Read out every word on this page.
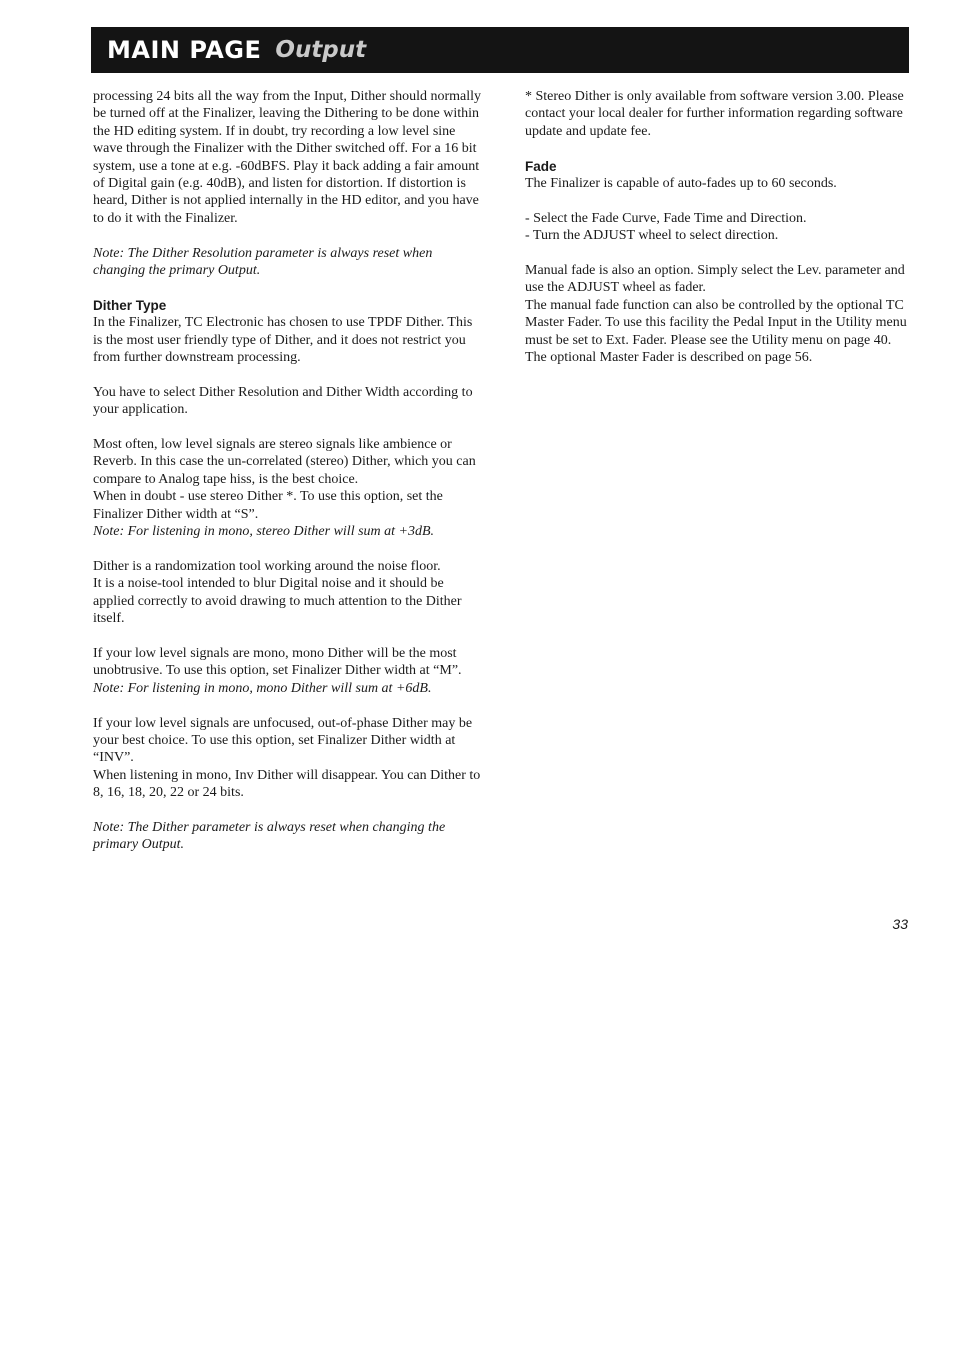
MAIN PAGE Output

processing 24 bits all the way from the Input, Dither should normally be turned off at the Finalizer, leaving the Dithering to be done within the HD editing system. If in doubt, try recording a low level sine wave through the Finalizer with the Dither switched off. For a 16 bit system, use a tone at e.g. -60dBFS. Play it back adding a fair amount of Digital gain (e.g. 40dB), and listen for distortion. If distortion is heard, Dither is not applied internally in the HD editor, and you have to do it with the Finalizer.

Note: The Dither Resolution parameter is always reset when changing the primary Output.

Dither Type

In the Finalizer, TC Electronic has chosen to use TPDF Dither. This is the most user friendly type of Dither, and it does not restrict you from further downstream processing.

You have to select Dither Resolution and Dither Width according to your application.

Most often, low level signals are stereo signals like ambience or Reverb. In this case the un-correlated (stereo) Dither, which you can compare to Analog tape hiss, is the best choice.

When in doubt - use stereo Dither *. To use this option, set the Finalizer Dither width at “S”.

Note: For listening in mono, stereo Dither will sum at +3dB.

Dither is a randomization tool working around the noise floor.

It is a noise-tool intended to blur Digital noise and it should be applied correctly to avoid drawing to much attention to the Dither itself.

If your low level signals are mono, mono Dither will be the most unobtrusive. To use this option, set Finalizer Dither width at “M”.

Note: For listening in mono, mono Dither will sum at +6dB.

If your low level signals are unfocused, out-of-phase Dither may be your best choice. To use this option, set Finalizer Dither width at “INV”.

When listening in mono, Inv Dither will disappear. You can Dither to 8, 16, 18, 20, 22 or 24 bits.

Note: The Dither parameter is always reset when changing the primary Output.

* Stereo Dither is only available from software version 3.00. Please contact your local dealer for further information regarding software update and update fee.

Fade

The Finalizer is capable of auto-fades up to 60 seconds.

- Select the Fade Curve, Fade Time and Direction.

- Turn the ADJUST wheel to select direction.

Manual fade is also an option. Simply select the Lev. parameter and use the ADJUST wheel as fader.

The manual fade function can also be controlled by the optional TC Master Fader. To use this facility the Pedal Input in the Utility menu must be set to Ext. Fader. Please see the Utility menu on page 40. The optional Master Fader is described on page 56.

33
